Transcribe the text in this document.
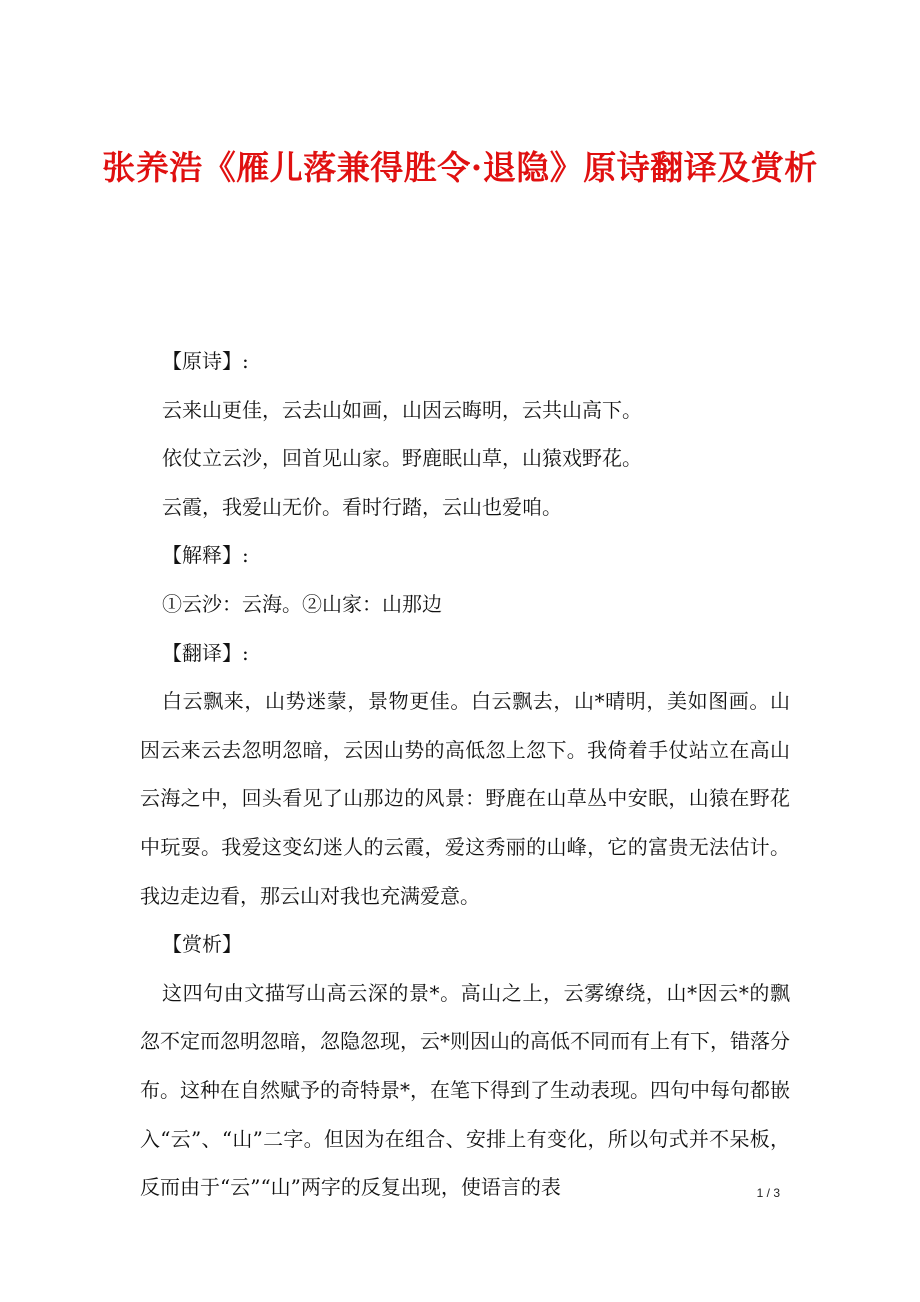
张养浩《雁儿落兼得胜令·退隐》原诗翻译及赏析

【原诗】:

云来山更佳，云去山如画，山因云晦明，云共山高下。

依仗立云沙，回首见山家。野鹿眠山草，山猿戏野花。

云霞，我爱山无价。看时行踏，云山也爱咱。

【解释】:

①云沙：云海。②山家：山那边

【翻译】:

白云飘来，山势迷蒙，景物更佳。白云飘去，山*晴明，美如图画。山因云来云去忽明忽暗，云因山势的高低忽上忽下。我倚着手仗站立在高山云海之中，回头看见了山那边的风景：野鹿在山草丛中安眠，山猿在野花中玩耍。我爱这变幻迷人的云霞，爱这秀丽的山峰，它的富贵无法估计。我边走边看，那云山对我也充满爱意。

【赏析】

这四句由文描写山高云深的景*。高山之上，云雾缭绕，山*因云*的飘忽不定而忽明忽暗，忽隐忽现，云*则因山的高低不同而有上有下，错落分布。这种在自然赋予的奇特景*，在笔下得到了生动表现。四句中每句都嵌入“云”、“山”二字。但因为在组合、安排上有变化，所以句式并不呆板，反而由于“云”“山”两字的反复出现，使语言的表	1 / 3
